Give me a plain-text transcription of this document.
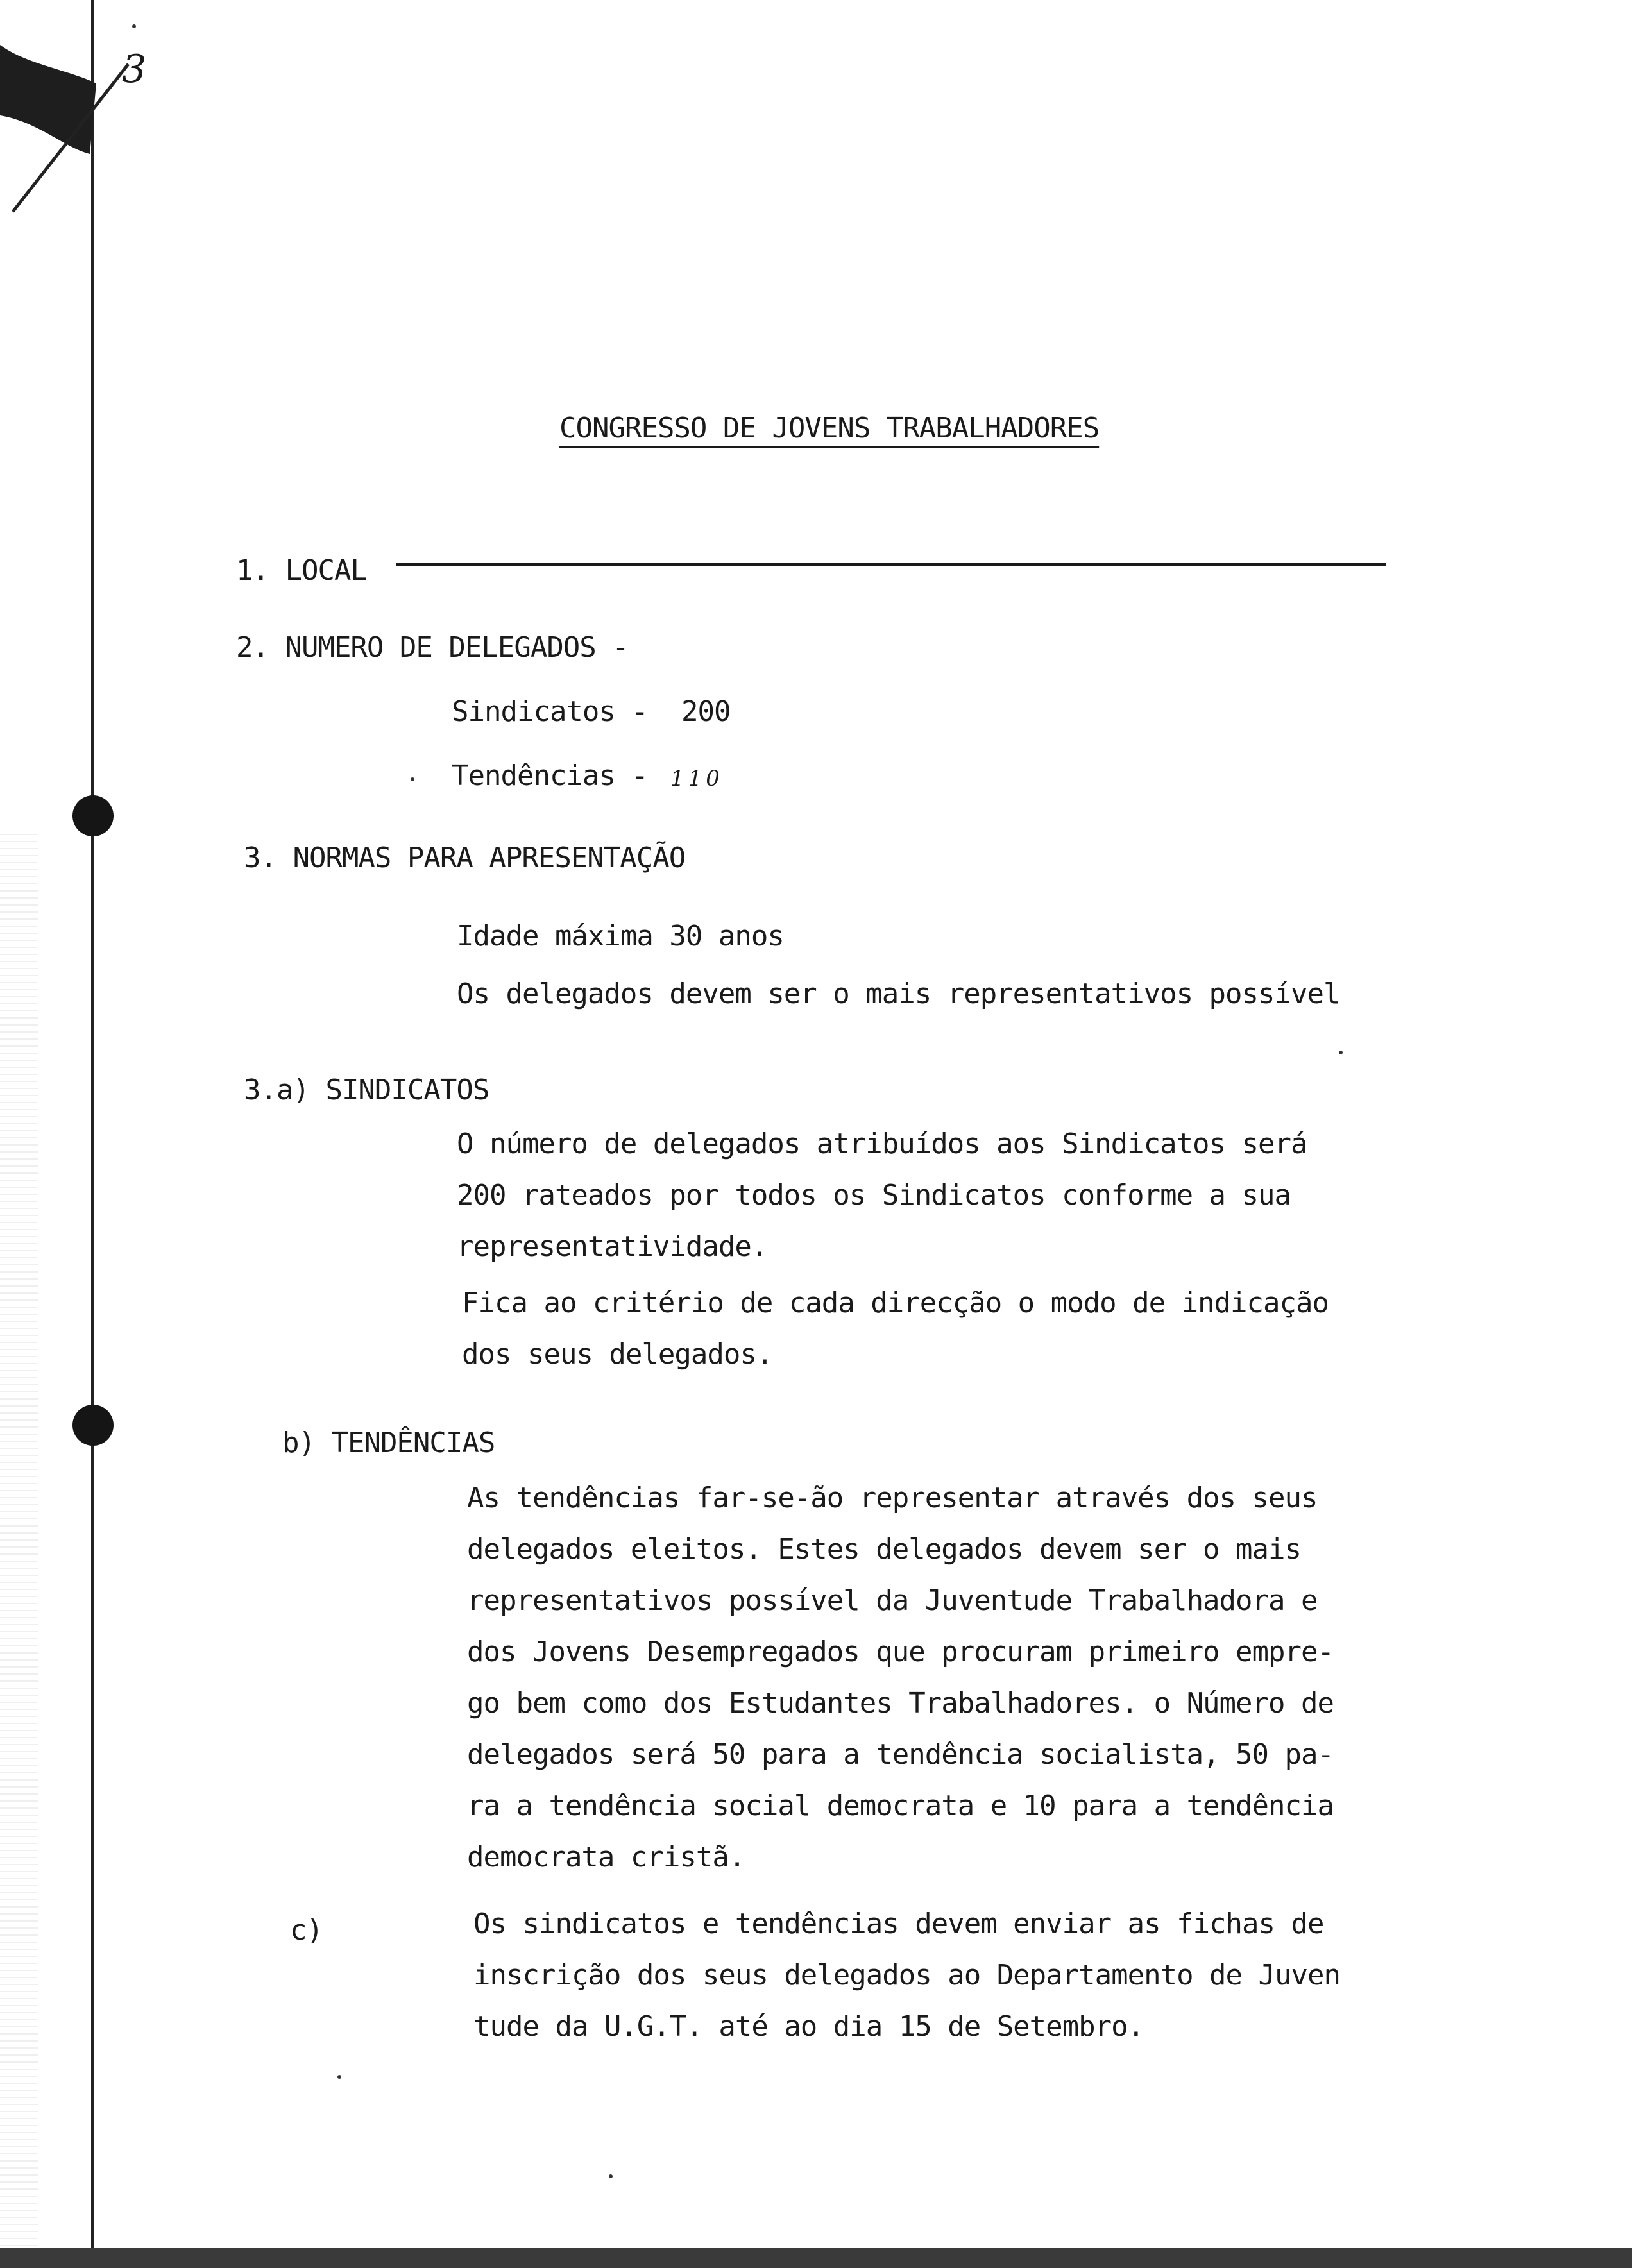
3
CONGRESSO DE JOVENS TRABALHADORES
1. LOCAL
2. NUMERO DE DELEGADOS -
Sindicatos - 200
Tendências - 110
3. NORMAS PARA APRESENTAÇÃO
Idade máxima 30 anos
Os delegados devem ser o mais representativos possível
3.a) SINDICATOS
O número de delegados atribuídos aos Sindicatos será
200 rateados por todos os Sindicatos conforme a sua
representatividade.
Fica ao critério de cada direcção o modo de indicação
dos seus delegados.
b) TENDÊNCIAS
As tendências far-se-ão representar através dos seus
delegados eleitos. Estes delegados devem ser o mais
representativos possível da Juventude Trabalhadora e
dos Jovens Desempregados que procuram primeiro empre-
go bem como dos Estudantes Trabalhadores. o Número de
delegados será 50 para a tendência socialista, 50 pa-
ra a tendência social democrata e 10 para a tendência
democrata cristã.
c)	Os sindicatos e tendências devem enviar as fichas de
inscrição dos seus delegados ao Departamento de Juven
tude da U.G.T. até ao dia 15 de Setembro.
